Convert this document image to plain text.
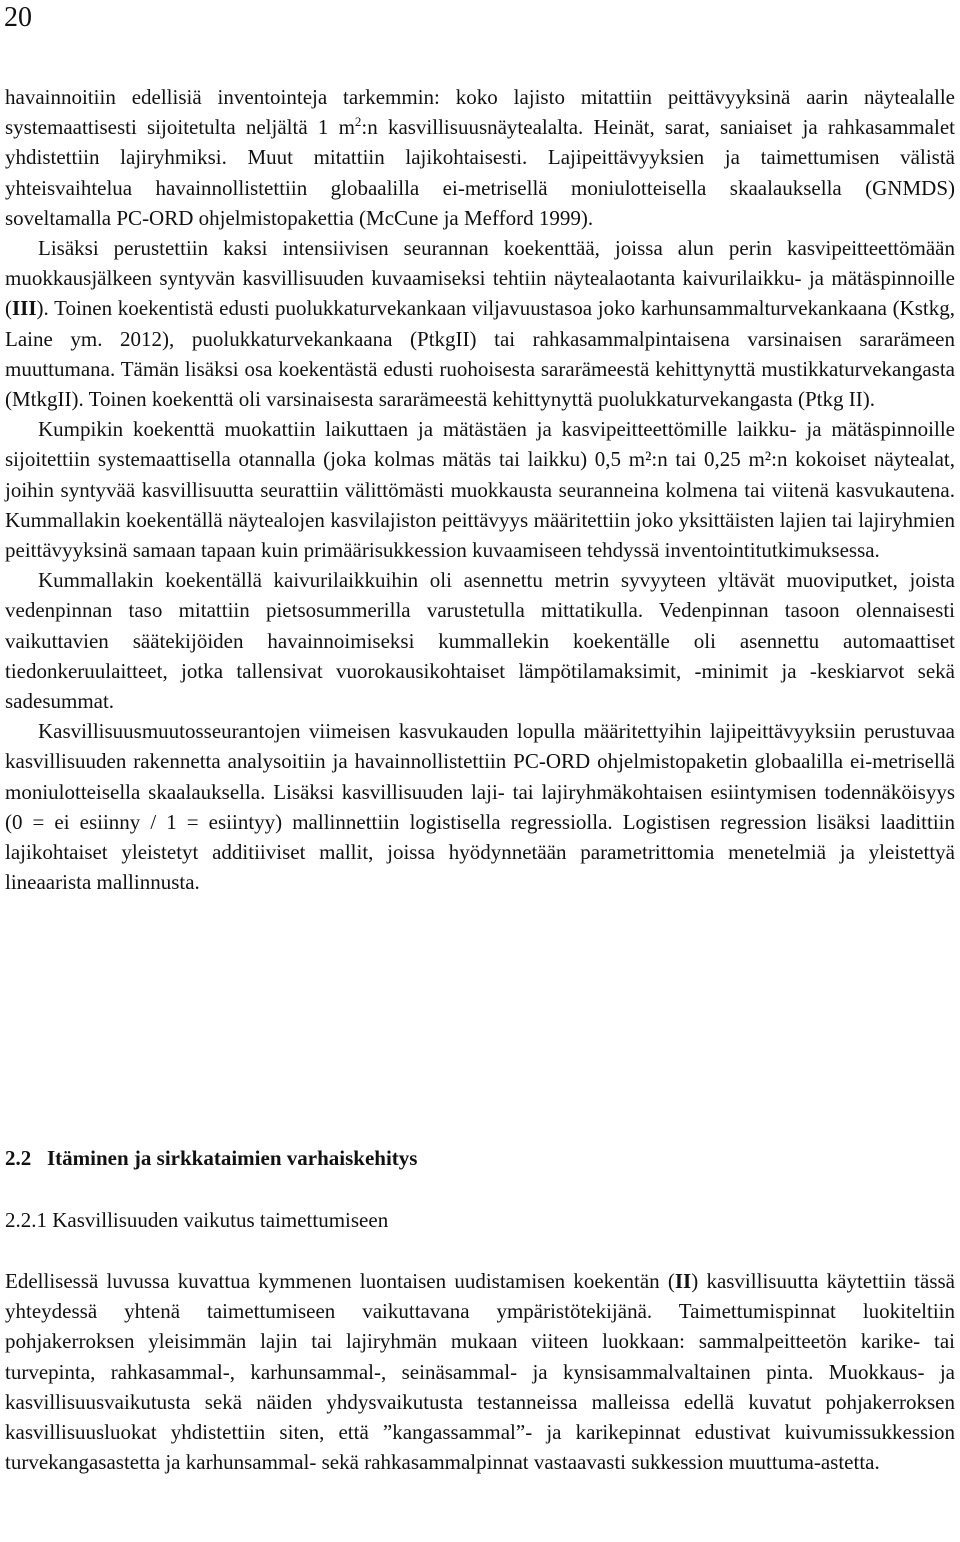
20

havainnoitiin edellisiä inventointeja tarkemmin: koko lajisto mitattiin peittävyyksinä aarin näytealalle systemaattisesti sijoitetulta neljältä 1 $m^2:n$ kasvillisuusnäytealalta. Heinät, sarat, saniaiset ja rahkasammalet yhdistettiin lajiryhmiksi. Muut mitattiin lajikohtaisesti. Lajipeittävyyksien ja taimettumisen välistä yhteisvaihtelua havainnollistettiin globaalilla ei-metrisellä moniulotteisella skaalauksella (GNMDS) soveltamalla PC-ORD ohjelmistopakettia (McCune ja Mefford 1999).

Lisäksi perustettiin kaksi intensiivisen seurannan koekenttää, joissa alun perin kasvipeitteettömään muokkausjälkeen syntyvän kasvillisuuden kuvaamiseksi tehtiin näytealaotanta kaivurilaikku- ja mätäspinnoille (III). Toinen koekentistä edusti puolukkaturvekankaan viljavuustasoa joko karhunsammalturvekankaana (Kstkg, Laine ym. 2012), puolukkaturvekankaana (PtkgII) tai rahkasammalpintaisena varsinaisen sararämeen muuttumana. Tämän lisäksi osa koekentästä edusti ruohoisesta sararämeestä kehittynyttä mustikkaturvekangasta (MtkgII). Toinen koekenttä oli varsinaisesta sararämeestä kehittynyttä puolukkaturvekangasta (Ptkg II).

Kumpikin koekenttä muokattiin laikuttaen ja mätästäen ja kasvipeitteettömille laikku- ja mätäspinnoille sijoitettiin systemaattisella otannalla (joka kolmas mätäs tai laikku) 0,5 m²:n tai 0,25 m²:n kokoiset näytealat, joihin syntyvää kasvillisuutta seurattiin välittömästi muokkausta seuranneina kolmena tai viitenä kasvukautena. Kummallakin koekentällä näytealojen kasvilajiston peittävyys määritettiin joko yksittäisten lajien tai lajiryhmien peittävyyksinä samaan tapaan kuin primäärisukkession kuvaamiseen tehdyssä inventointitutkimuksessa.

Kummallakin koekentällä kaivurilaikkuihin oli asennettu metrin syvyyteen yltävät muoviputket, joista vedenpinnan taso mitattiin pietsosummerilla varustetulla mittatikulla. Vedenpinnan tasoon olennaisesti vaikuttavien säätekijöiden havainnoimiseksi kummallekin koekentälle oli asennettu automaattiset tiedonkeruulaitteet, jotka tallensivat vuorokausikohtaiset lämpötilamaksimit, -minimit ja -keskiarvot sekä sadesummat.

Kasvillisuusmuutosseurantojen viimeisen kasvukauden lopulla määritettyihin lajipeittävyyksiin perustuvaa kasvillisuuden rakennetta analysoitiin ja havainnollistettiin PC-ORD ohjelmistopaketin globaalilla ei-metrisellä moniulotteisella skaalauksella. Lisäksi kasvillisuuden laji- tai lajiryhmäkohtaisen esiintymisen todennäköisyys (0 = ei esiinny / 1 = esiintyy) mallinnettiin logistisella regressiolla. Logistisen regression lisäksi laadittiin lajikohtaiset yleistetyt additiiviset mallit, joissa hyödynnetään parametrittomia menetelmiä ja yleistettyä lineaarista mallinnusta.

2.2 Itäminen ja sirkkataimien varhaiskehitys
2.2.1 Kasvillisuuden vaikutus taimettumiseen

Edellisessä luvussa kuvattua kymmenen luontaisen uudistamisen koekentän (II) kasvillisuutta käytettiin tässä yhteydessä yhtenä taimettumiseen vaikuttavana ympäristötekijänä. Taimettumispinnat luokiteltiin pohjakerroksen yleisimmän lajin tai lajiryhmän mukaan viiteen luokkaan: sammalpeitteetön karike- tai turvepinta, rahkasammal-, karhunsammal-, seinäsammal- ja kynsisammalvaltainen pinta. Muokkaus- ja kasvillisuusvaikutusta sekä näiden yhdysvaikutusta testanneissa malleissa edellä kuvatut pohjakerroksen kasvillisuusluokat yhdistettiin siten, että ”kangassammal”- ja karikepinnat edustivat kuivumissukkession turvekangasastetta ja karhunsammal- sekä rahkasammalpinnat vastaavasti sukkession muuttuma-astetta.
